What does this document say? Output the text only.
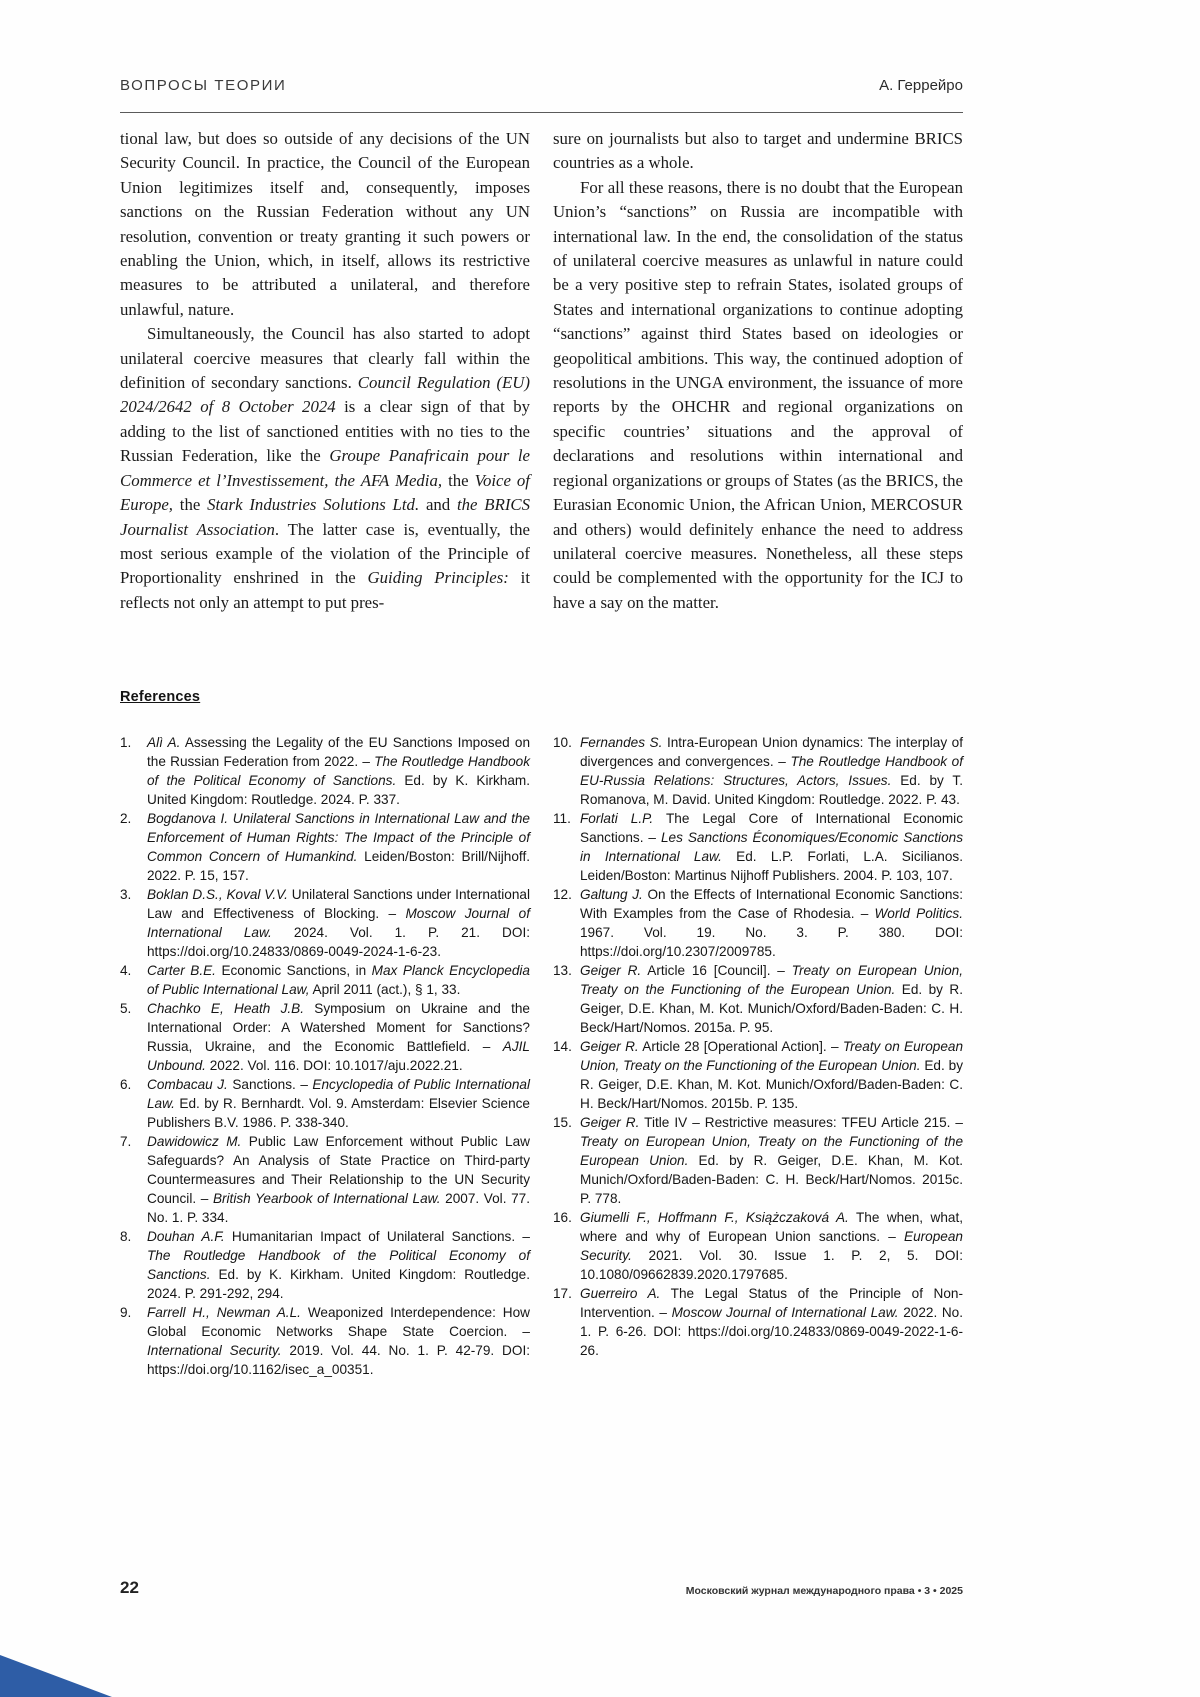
ВОПРОСЫ ТЕОРИИ	А. Геррейро

tional law, but does so outside of any decisions of the UN Security Council. In practice, the Council of the European Union legitimizes itself and, consequently, imposes sanctions on the Russian Federation without any UN resolution, convention or treaty granting it such powers or enabling the Union, which, in itself, allows its restrictive measures to be attributed a unilateral, and therefore unlawful, nature.

Simultaneously, the Council has also started to adopt unilateral coercive measures that clearly fall within the definition of secondary sanctions. Council Regulation (EU) 2024/2642 of 8 October 2024 is a clear sign of that by adding to the list of sanctioned entities with no ties to the Russian Federation, like the Groupe Panafricain pour le Commerce et l’Investissement, the AFA Media, the Voice of Europe, the Stark Industries Solutions Ltd. and the BRICS Journalist Association. The latter case is, eventually, the most serious example of the violation of the Principle of Proportionality enshrined in the Guiding Principles: it reflects not only an attempt to put pres-

sure on journalists but also to target and undermine BRICS countries as a whole.

For all these reasons, there is no doubt that the European Union’s “sanctions” on Russia are incompatible with international law. In the end, the consolidation of the status of unilateral coercive measures as unlawful in nature could be a very positive step to refrain States, isolated groups of States and international organizations to continue adopting “sanctions” against third States based on ideologies or geopolitical ambitions. This way, the continued adoption of resolutions in the UNGA environment, the issuance of more reports by the OHCHR and regional organizations on specific countries’ situations and the approval of declarations and resolutions within international and regional organizations or groups of States (as the BRICS, the Eurasian Economic Union, the African Union, MERCOSUR and others) would definitely enhance the need to address unilateral coercive measures. Nonetheless, all these steps could be complemented with the opportunity for the ICJ to have a say on the matter.

References
1. Alì A. Assessing the Legality of the EU Sanctions Imposed on the Russian Federation from 2022. – The Routledge Handbook of the Political Economy of Sanctions. Ed. by K. Kirkham. United Kingdom: Routledge. 2024. P. 337.
2. Bogdanova I. Unilateral Sanctions in International Law and the Enforcement of Human Rights: The Impact of the Principle of Common Concern of Humankind. Leiden/Boston: Brill/Nijhoff. 2022. P. 15, 157.
3. Boklan D.S., Koval V.V. Unilateral Sanctions under International Law and Effectiveness of Blocking. – Moscow Journal of International Law. 2024. Vol. 1. P. 21. DOI: https://doi.org/10.24833/0869-0049-2024-1-6-23.
4. Carter B.E. Economic Sanctions, in Max Planck Encyclopedia of Public International Law, April 2011 (act.), § 1, 33.
5. Chachko E, Heath J.B. Symposium on Ukraine and the International Order: A Watershed Moment for Sanctions? Russia, Ukraine, and the Economic Battlefield. – AJIL Unbound. 2022. Vol. 116. DOI: 10.1017/aju.2022.21.
6. Combacau J. Sanctions. – Encyclopedia of Public International Law. Ed. by R. Bernhardt. Vol. 9. Amsterdam: Elsevier Science Publishers B.V. 1986. P. 338-340.
7. Dawidowicz M. Public Law Enforcement without Public Law Safeguards? An Analysis of State Practice on Third-party Countermeasures and Their Relationship to the UN Security Council. – British Yearbook of International Law. 2007. Vol. 77. No. 1. P. 334.
8. Douhan A.F. Humanitarian Impact of Unilateral Sanctions. – The Routledge Handbook of the Political Economy of Sanctions. Ed. by K. Kirkham. United Kingdom: Routledge. 2024. P. 291-292, 294.
9. Farrell H., Newman A.L. Weaponized Interdependence: How Global Economic Networks Shape State Coercion. – International Security. 2019. Vol. 44. No. 1. P. 42-79. DOI: https://doi.org/10.1162/isec_a_00351.
10. Fernandes S. Intra-European Union dynamics: The interplay of divergences and convergences. – The Routledge Handbook of EU-Russia Relations: Structures, Actors, Issues. Ed. by T. Romanova, M. David. United Kingdom: Routledge. 2022. P. 43.
11. Forlati L.P. The Legal Core of International Economic Sanctions. – Les Sanctions Économiques/Economic Sanctions in International Law. Ed. L.P. Forlati, L.A. Sicilianos. Leiden/Boston: Martinus Nijhoff Publishers. 2004. P. 103, 107.
12. Galtung J. On the Effects of International Economic Sanctions: With Examples from the Case of Rhodesia. – World Politics. 1967. Vol. 19. No. 3. P. 380. DOI: https://doi.org/10.2307/2009785.
13. Geiger R. Article 16 [Council]. – Treaty on European Union, Treaty on the Functioning of the European Union. Ed. by R. Geiger, D.E. Khan, M. Kot. Munich/Oxford/Baden-Baden: C. H. Beck/Hart/Nomos. 2015a. P. 95.
14. Geiger R. Article 28 [Operational Action]. – Treaty on European Union, Treaty on the Functioning of the European Union. Ed. by R. Geiger, D.E. Khan, M. Kot. Munich/Oxford/Baden-Baden: C. H. Beck/Hart/Nomos. 2015b. P. 135.
15. Geiger R. Title IV – Restrictive measures: TFEU Article 215. – Treaty on European Union, Treaty on the Functioning of the European Union. Ed. by R. Geiger, D.E. Khan, M. Kot. Munich/Oxford/Baden-Baden: C. H. Beck/Hart/Nomos. 2015c. P. 778.
16. Giumelli F., Hoffmann F., Książczaková A. The when, what, where and why of European Union sanctions. – European Security. 2021. Vol. 30. Issue 1. P. 2, 5. DOI: 10.1080/09662839.2020.1797685.
17. Guerreiro A. The Legal Status of the Principle of Non-Intervention. – Moscow Journal of International Law. 2022. No. 1. P. 6-26. DOI: https://doi.org/10.24833/0869-0049-2022-1-6-26.
22	Московский журнал международного права • 3 • 2025
